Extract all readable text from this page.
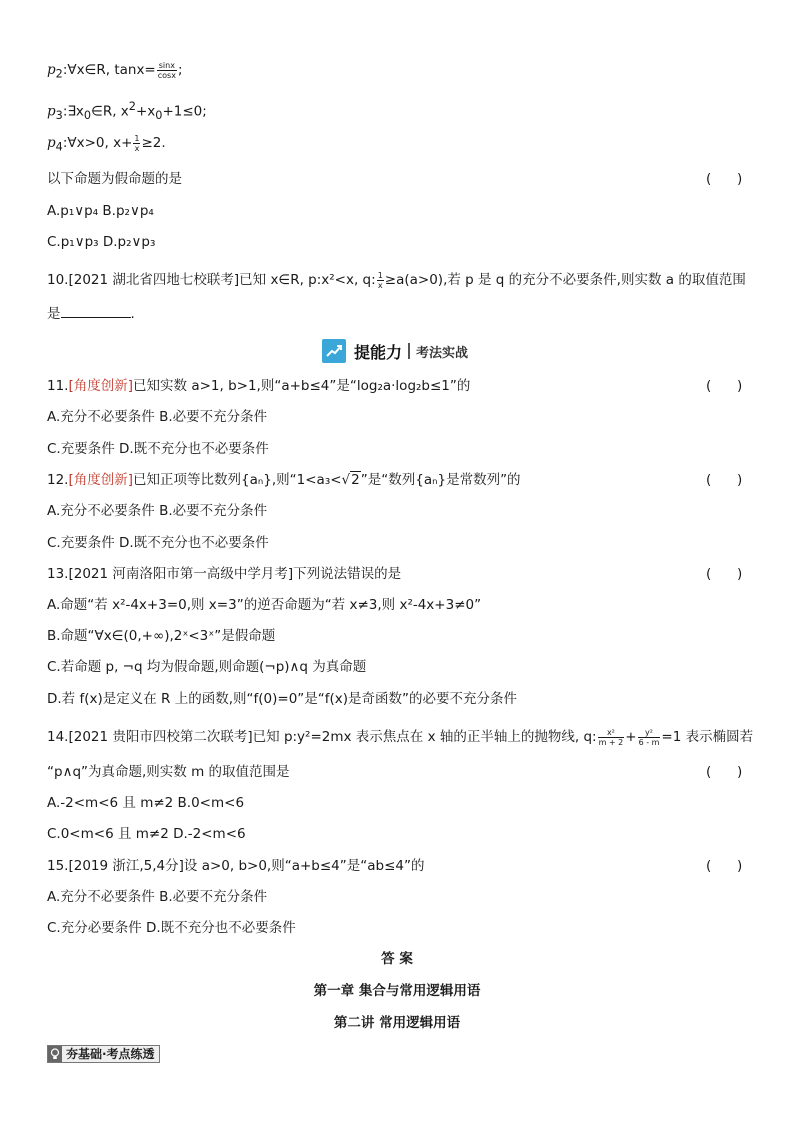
$p_2:\forall x\in R$, $\tan x= \frac{\sin x}{\cos x}$ ;
$p_3:\exists x_0\in R$, $x^2+x_0+1\le 0$;
$p_4:\forall x>0$, $x+ \frac{1}{x} \ge 2$.
以下命题为假命题的是	(      )
A.p₁∨p₄ B.p₂∨p₄
C.p₁∨p₃ D.p₂∨p₃
10.[2021 湖北省四地七校联考]已知 x∈R, p:x²<x, q: $\frac{1}{x} \ge a(a>0)$,若 p 是 q 的充分不必要条件,则实数 a 的取值范围
是	.
提能力 考法实战
11.[角度创新]已知实数 a>1, b>1,则“a+b≤4”是“log₂a·log₂b≤1”的	(      )
A.充分不必要条件 B.必要不充分条件
C.充要条件 D.既不充分也不必要条件
12.[角度创新]已知正项等比数列{aₙ},则“1<a₃<√2”是“数列{aₙ}是常数列”的	(      )
A.充分不必要条件 B.必要不充分条件
C.充要条件 D.既不充分也不必要条件
13.[2021 河南洛阳市第一高级中学月考]下列说法错误的是	(      )
A.命题“若 x²-4x+3=0,则 x=3”的逆否命题为“若 x≠3,则 x²-4x+3≠0”
B.命题“∀x∈(0,+∞),2ˣ<3ˣ”是假命题
C.若命题 p, ¬q 均为假命题,则命题(¬p)∧q 为真命题
D.若 f(x)是定义在 R 上的函数,则“f(0)=0”是“f(x)是奇函数”的必要不充分条件
14.[2021 贵阳市四校第二次联考]已知 p:y²=2mx 表示焦点在 x 轴的正半轴上的抛物线, q: $\frac{\text{x²}}{m + 2} + \frac{\text{y²}}{6 - m} =1$ 表示椭圆若
“p∧q”为真命题,则实数 m 的取值范围是	(      )
A.-2<m<6 且 m≠2 B.0<m<6
C.0<m<6 且 m≠2 D.-2<m<6
15.[2019 浙江,5,4分]设 a>0, b>0,则“a+b≤4”是“ab≤4”的	(      )
A.充分不必要条件 B.必要不充分条件
C.充分必要条件 D.既不充分也不必要条件
答 案
第一章 集合与常用逻辑用语
第二讲 常用逻辑用语
夯基础·考点练透
